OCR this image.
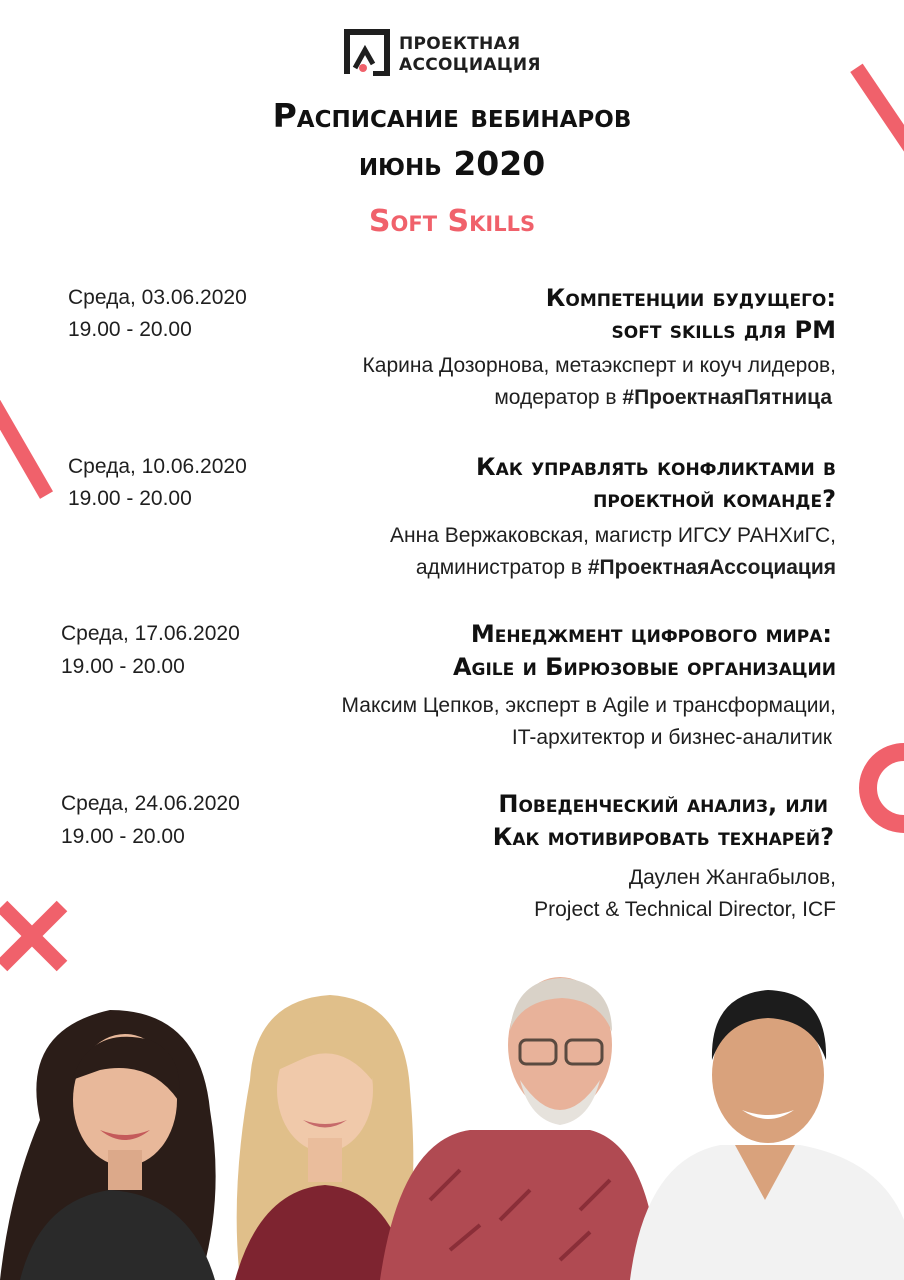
ПРОЕКТНАЯ
АССОЦИАЦИЯ
Расписание вебинаров
июнь 2020
Soft Skills
Среда, 03.06.2020
19.00 - 20.00
Компетенции будущего:
soft skills для PM
Карина Дозорнова, метаэксперт и коуч лидеров,
модератор в #ПроектнаяПятница
Среда, 10.06.2020
19.00 - 20.00
Как управлять конфликтами в
проектной команде?
Анна Вержаковская, магистр ИГСУ РАНХиГС,
администратор в #ПроектнаяАссоциация
Среда, 17.06.2020
19.00 - 20.00
Менеджмент цифрового мира:
Agile и Бирюзовые организации
Максим Цепков, эксперт в Agile и трансформации,
IT-архитектор и бизнес-аналитик
Среда, 24.06.2020
19.00 - 20.00
Поведенческий анализ, или
Как мотивировать технарей?
Даулен Жангабылов,
Project & Technical Director, ICF
